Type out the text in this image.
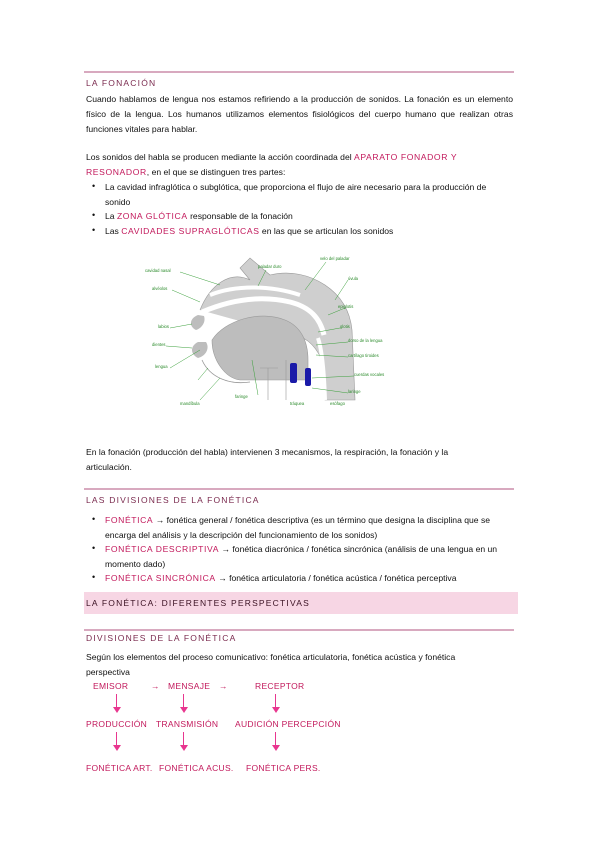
LA FONACIÓN
Cuando hablamos de lengua nos estamos refiriendo a la producción de sonidos. La fonación es un elemento físico de la lengua. Los humanos utilizamos elementos fisiológicos del cuerpo humano que realizan otras funciones vitales para hablar.
Los sonidos del habla se producen mediante la acción coordinada del APARATO FONADOR Y
RESONADOR, en el que se distinguen tres partes:
• La cavidad infraglótica o subglótica, que proporciona el flujo de aire necesario para la producción de
sonido
• La ZONA GLÓTICA responsable de la fonación
• Las CAVIDADES SUPRAGLÓTICAS en las que se articulan los sonidos
cavidad nasal
alvéolos
labios
dientes
lengua
mandíbula
paladar duro
velo del paladar
úvula
epiglotis
glotis
dorso de la lengua
cartílago tiroides
cuerdas vocales
laringe
faringe
tráquea	esófago
En la fonación (producción del habla) intervienen 3 mecanismos, la respiración, la fonación y la
articulación.
LAS DIVISIONES DE LA FONÉTICA
• FONÉTICA → fonética general / fonética descriptiva (es un término que designa la disciplina que se
encarga del análisis y la descripción del funcionamiento de los sonidos)
• FONÉTICA DESCRIPTIVA → fonética diacrónica / fonética sincrónica (análisis de una lengua en un
momento dado)
• FONÉTICA SINCRÓNICA → fonética articulatoria / fonética acústica / fonética perceptiva
LA FONÉTICA: DIFERENTES PERSPECTIVAS
DIVISIONES DE LA FONÉTICA
Según los elementos del proceso comunicativo: fonética articulatoria, fonética acústica y fonética
perspectiva
EMISOR	→ MENSAJE →	RECEPTOR
PRODUCCIÓN TRANSMISIÓN AUDICIÓN PERCEPCIÓN
FONÉTICA ART. FONÉTICA ACUS. FONÉTICA PERS.
